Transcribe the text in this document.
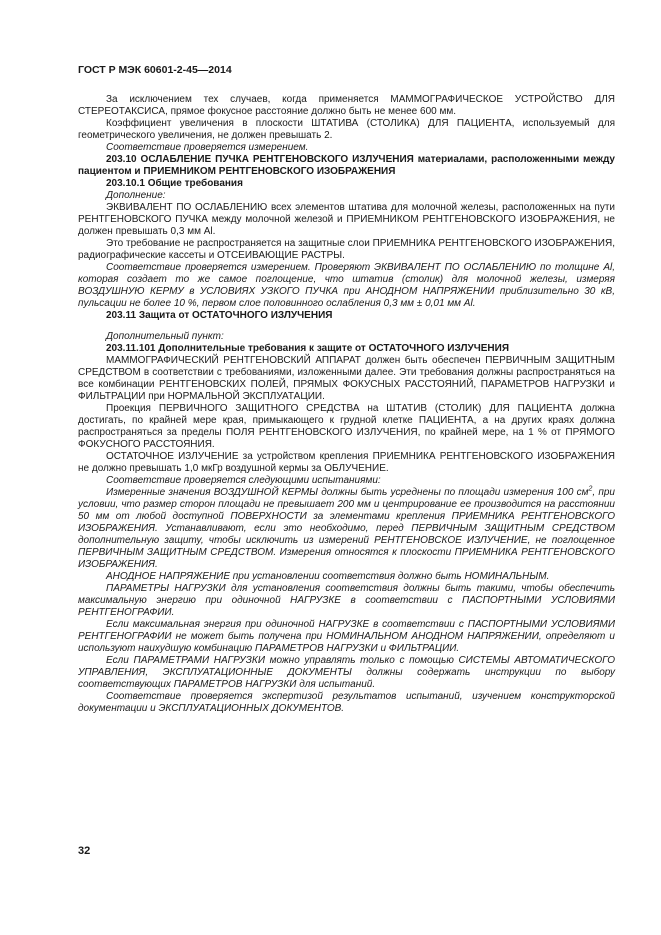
ГОСТ Р МЭК 60601-2-45—2014

За исключением тех случаев, когда применяется МАММОГРАФИЧЕСКОЕ УСТРОЙСТВО ДЛЯ СТЕРЕОТАКСИСА, прямое фокусное расстояние должно быть не менее 600 мм.

Коэффициент увеличения в плоскости ШТАТИВА (СТОЛИКА) ДЛЯ ПАЦИЕНТА, используемый для геометрического увеличения, не должен превышать 2.

Соответствие проверяется измерением.

203.10 ОСЛАБЛЕНИЕ ПУЧКА РЕНТГЕНОВСКОГО ИЗЛУЧЕНИЯ материалами, расположенными между пациентом и ПРИЕМНИКОМ РЕНТГЕНОВСКОГО ИЗОБРАЖЕНИЯ

203.10.1 Общие требования

Дополнение:

ЭКВИВАЛЕНТ ПО ОСЛАБЛЕНИЮ всех элементов штатива для молочной железы, расположенных на пути РЕНТГЕНОВСКОГО ПУЧКА между молочной железой и ПРИЕМНИКОМ РЕНТГЕНОВСКОГО ИЗОБРАЖЕНИЯ, не должен превышать 0,3 мм Al.

Это требование не распространяется на защитные слои ПРИЕМНИКА РЕНТГЕНОВСКОГО ИЗОБРАЖЕНИЯ, радиографические кассеты и ОТСЕИВАЮЩИЕ РАСТРЫ.

Соответствие проверяется измерением. Проверяют ЭКВИВАЛЕНТ ПО ОСЛАБЛЕНИЮ по толщине Al, которая создает то же самое поглощение, что штатив (столик) для молочной железы, измеряя ВОЗДУШНУЮ КЕРМУ в УСЛОВИЯХ УЗКОГО ПУЧКА при АНОДНОМ НАПРЯЖЕНИИ приблизительно 30 кВ, пульсации не более 10 %, первом слое половинного ослабления 0,3 мм ± 0,01 мм Al.

203.11 Защита от ОСТАТОЧНОГО ИЗЛУЧЕНИЯ

Дополнительный пункт:

203.11.101 Дополнительные требования к защите от ОСТАТОЧНОГО ИЗЛУЧЕНИЯ

МАММОГРАФИЧЕСКИЙ РЕНТГЕНОВСКИЙ АППАРАТ должен быть обеспечен ПЕРВИЧНЫМ ЗАЩИТНЫМ СРЕДСТВОМ в соответствии с требованиями, изложенными далее. Эти требования должны распространяться на все комбинации РЕНТГЕНОВСКИХ ПОЛЕЙ, ПРЯМЫХ ФОКУСНЫХ РАССТОЯНИЙ, ПАРАМЕТРОВ НАГРУЗКИ и ФИЛЬТРАЦИИ при НОРМАЛЬНОЙ ЭКСПЛУАТАЦИИ.

Проекция ПЕРВИЧНОГО ЗАЩИТНОГО СРЕДСТВА на ШТАТИВ (СТОЛИК) ДЛЯ ПАЦИЕНТА должна достигать, по крайней мере края, примыкающего к грудной клетке ПАЦИЕНТА, а на других краях должна распространяться за пределы ПОЛЯ РЕНТГЕНОВСКОГО ИЗЛУЧЕНИЯ, по крайней мере, на 1 % от ПРЯМОГО ФОКУСНОГО РАССТОЯНИЯ.

ОСТАТОЧНОЕ ИЗЛУЧЕНИЕ за устройством крепления ПРИЕМНИКА РЕНТГЕНОВСКОГО ИЗОБРАЖЕНИЯ не должно превышать 1,0 мкГр воздушной кермы за ОБЛУЧЕНИЕ.

Соответствие проверяется следующими испытаниями:

Измеренные значения ВОЗДУШНОЙ КЕРМЫ должны быть усреднены по площади измерения 100 $см^2$, при условии, что размер сторон площади не превышает 200 мм и центрирование ее производится на расстоянии 50 мм от любой доступной ПОВЕРХНОСТИ за элементами крепления ПРИЕМНИКА РЕНТГЕНОВСКОГО ИЗОБРАЖЕНИЯ. Устанавливают, если это необходимо, перед ПЕРВИЧНЫМ ЗАЩИТНЫМ СРЕДСТВОМ дополнительную защиту, чтобы исключить из измерений РЕНТГЕНОВСКОЕ ИЗЛУЧЕНИЕ, не поглощенное ПЕРВИЧНЫМ ЗАЩИТНЫМ СРЕДСТВОМ. Измерения относятся к плоскости ПРИЕМНИКА РЕНТГЕНОВСКОГО ИЗОБРАЖЕНИЯ.

АНОДНОЕ НАПРЯЖЕНИЕ при установлении соответствия должно быть НОМИНАЛЬНЫМ.

ПАРАМЕТРЫ НАГРУЗКИ для установления соответствия должны быть такими, чтобы обеспечить максимальную энергию при одиночной НАГРУЗКЕ в соответствии с ПАСПОРТНЫМИ УСЛОВИЯМИ РЕНТГЕНОГРАФИИ.

Если максимальная энергия при одиночной НАГРУЗКЕ в соответствии с ПАСПОРТНЫМИ УСЛОВИЯМИ РЕНТГЕНОГРАФИИ не может быть получена при НОМИНАЛЬНОМ АНОДНОМ НАПРЯЖЕНИИ, определяют и используют наихудшую комбинацию ПАРАМЕТРОВ НАГРУЗКИ и ФИЛЬТРАЦИИ.

Если ПАРАМЕТРАМИ НАГРУЗКИ можно управлять только с помощью СИСТЕМЫ АВТОМАТИЧЕСКОГО УПРАВЛЕНИЯ, ЭКСПЛУАТАЦИОННЫЕ ДОКУМЕНТЫ должны содержать инструкции по выбору соответствующих ПАРАМЕТРОВ НАГРУЗКИ для испытаний.

Соответствие проверяется экспертизой результатов испытаний, изучением конструкторской документации и ЭКСПЛУАТАЦИОННЫХ ДОКУМЕНТОВ.

32
